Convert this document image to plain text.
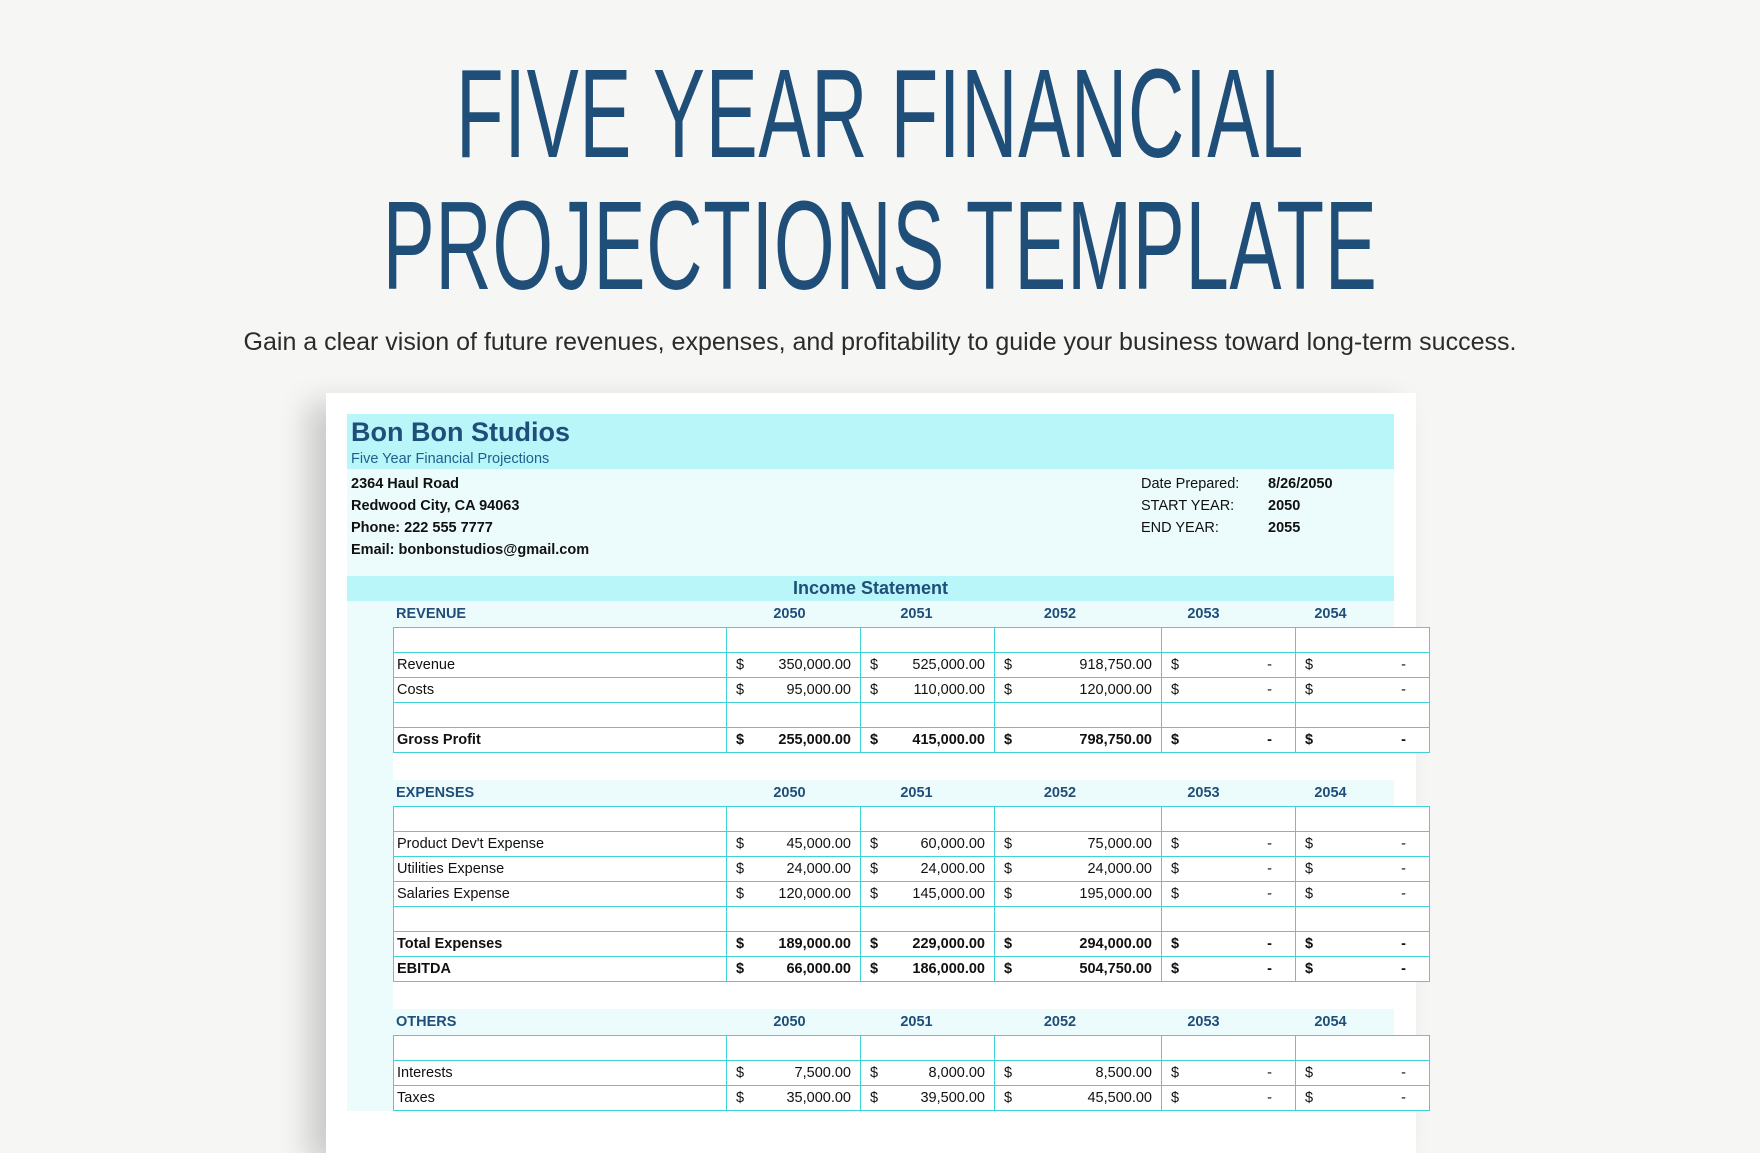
FIVE YEAR FINANCIAL
PROJECTIONS TEMPLATE
Gain a clear vision of future revenues, expenses, and profitability to guide your business toward long-term success.
Bon Bon Studios
Five Year Financial Projections
2364 Haul Road
Redwood City, CA 94063
Phone: 222 555 7777
Email: bonbonstudios@gmail.com
Date Prepared:	8/26/2050
START YEAR:	2050
END YEAR:	2055
Income Statement
REVENUE	2050	2051	2052	2053	2054

Revenue	$ 350,000.00	$ 525,000.00	$ 918,750.00	$ -	$ -

Costs	$ 95,000.00	$ 110,000.00	$ 120,000.00	$ -	$ -

Gross Profit	$ 255,000.00	$ 415,000.00	$ 798,750.00	$ -	$ -
EXPENSES	2050	2051	2052	2053	2054

Product Dev't Expense	$ 45,000.00	$ 60,000.00	$ 75,000.00	$ -	$ -

Utilities Expense	$ 24,000.00	$ 24,000.00	$ 24,000.00	$ -	$ -

Salaries Expense	$ 120,000.00	$ 145,000.00	$ 195,000.00	$ -	$ -

Total Expenses	$ 189,000.00	$ 229,000.00	$ 294,000.00	$ -	$ -

EBITDA	$ 66,000.00	$ 186,000.00	$ 504,750.00	$ -	$ -
OTHERS	2050	2051	2052	2053	2054

Interests	$ 7,500.00	$ 8,000.00	$ 8,500.00	$ -	$ -

Taxes	$ 35,000.00	$ 39,500.00	$ 45,500.00	$ -	$ -
